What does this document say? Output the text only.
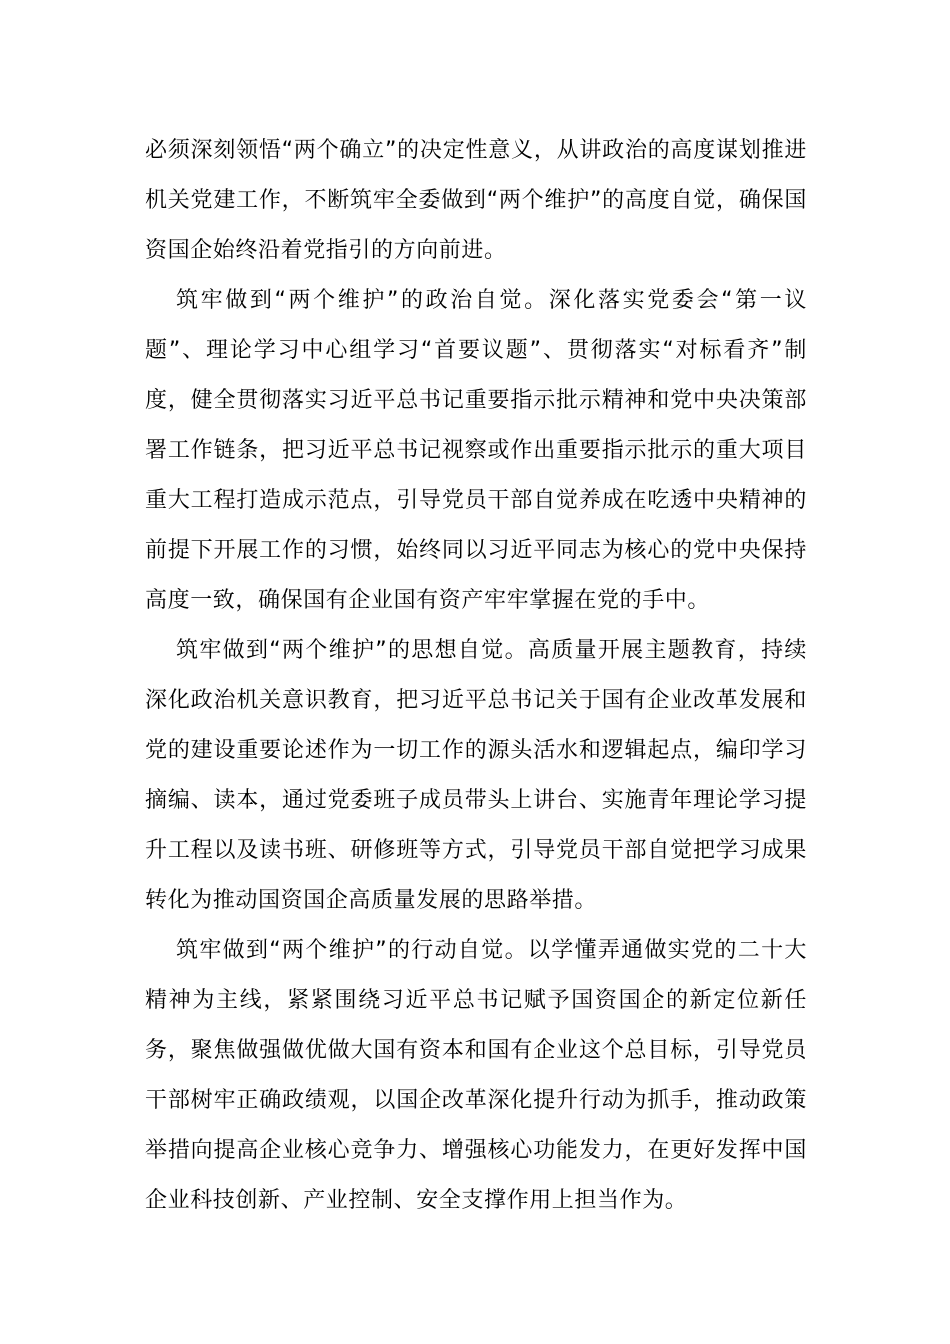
必须深刻领悟“两个确立”的决定性意义，从讲政治的高度谋划推进机关党建工作，不断筑牢全委做到“两个维护”的高度自觉，确保国资国企始终沿着党指引的方向前进。

筑牢做到“两个维护”的政治自觉。深化落实党委会“第一议题”、理论学习中心组学习“首要议题”、贯彻落实“对标看齐”制度，健全贯彻落实习近平总书记重要指示批示精神和党中央决策部署工作链条，把习近平总书记视察或作出重要指示批示的重大项目重大工程打造成示范点，引导党员干部自觉养成在吃透中央精神的前提下开展工作的习惯，始终同以习近平同志为核心的党中央保持高度一致，确保国有企业国有资产牢牢掌握在党的手中。

筑牢做到“两个维护”的思想自觉。高质量开展主题教育，持续深化政治机关意识教育，把习近平总书记关于国有企业改革发展和党的建设重要论述作为一切工作的源头活水和逻辑起点，编印学习摘编、读本，通过党委班子成员带头上讲台、实施青年理论学习提升工程以及读书班、研修班等方式，引导党员干部自觉把学习成果转化为推动国资国企高质量发展的思路举措。

筑牢做到“两个维护”的行动自觉。以学懂弄通做实党的二十大精神为主线，紧紧围绕习近平总书记赋予国资国企的新定位新任务，聚焦做强做优做大国有资本和国有企业这个总目标，引导党员干部树牢正确政绩观，以国企改革深化提升行动为抓手，推动政策举措向提高企业核心竞争力、增强核心功能发力，在更好发挥中国企业科技创新、产业控制、安全支撑作用上担当作为。
